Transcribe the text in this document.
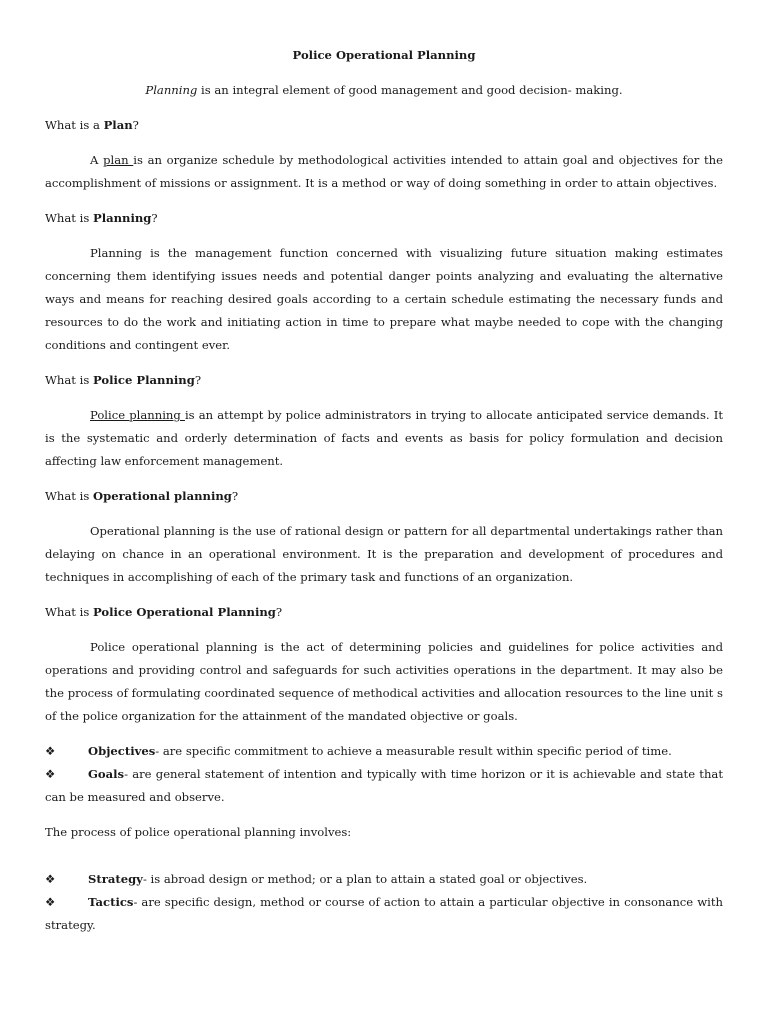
Police Operational Planning

Planning is an integral element of good management and good decision- making.

What is a Plan?

A plan is an organize schedule by methodological activities intended to attain goal and objectives for the accomplishment of missions or assignment. It is a method or way of doing something in order to attain objectives.

What is Planning?

Planning is the management function concerned with visualizing future situation making estimates concerning them identifying issues needs and potential danger points analyzing and evaluating the alternative ways and means for reaching desired goals according to a certain schedule estimating the necessary funds and resources to do the work and initiating action in time to prepare what maybe needed to cope with the changing conditions and contingent ever.

What is Police Planning?

Police planning is an attempt by police administrators in trying to allocate anticipated service demands. It is the systematic and orderly determination of facts and events as basis for policy formulation and decision affecting law enforcement management.

What is Operational planning?

Operational planning is the use of rational design or pattern for all departmental undertakings rather than delaying on chance in an operational environment. It is the preparation and development of procedures and techniques in accomplishing of each of the primary task and functions of an organization.

What is Police Operational Planning?

Police operational planning is the act of determining policies and guidelines for police activities and operations and providing control and safeguards for such activities operations in the department. It may also be the process of formulating coordinated sequence of methodical activities and allocation resources to the line unit s of the police organization for the attainment of the mandated objective or goals.

❖	Objectives- are specific commitment to achieve a measurable result within specific period of time.

❖	Goals- are general statement of intention and typically with time horizon or it is achievable and state that can be measured and observe.

The process of police operational planning involves:

❖	Strategy- is abroad design or method; or a plan to attain a stated goal or objectives.

❖	Tactics- are specific design, method or course of action to attain a particular objective in consonance with strategy.
